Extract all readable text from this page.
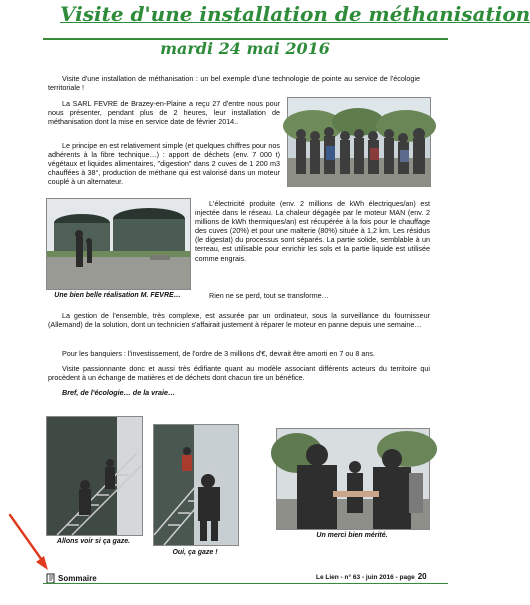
Visite d'une installation de méthanisation
mardi 24 mai 2016
Visite d'une installation de méthanisation : un bel exemple d'une technologie de pointe au service de l'écologie territoriale !
La SARL FEVRE de Brazey-en-Plaine a reçu 27 d'entre nous pour nous présenter, pendant plus de 2 heures, leur installation de méthanisation dont la mise en service date de février 2014..
Le principe en est relativement simple (et quelques chiffres pour nos adhérents à la fibre technique…) : apport de déchets (env. 7 000 t) végétaux et liquides alimentaires, "digestion" dans 2 cuves de 1 200 m3 chauffées à 38°, production de méthane qui est valorisé dans un moteur couplé à un alternateur.
Une bien belle réalisation M. FEVRE…
L'électricité produite (env. 2 millions de kWh électriques/an) est injectée dans le réseau. La chaleur dégagée par le moteur MAN (env. 2 millions de kWh thermiques/an) est récupérée à la fois pour le chauffage des cuves (20%) et pour une malterie (80%) située à 1,2 km. Les résidus (le digestat) du processus sont séparés. La partie solide, semblable à un terreau, est utilisable pour enrichir les sols et la partie liquide est utilisée comme engrais.
Rien ne se perd, tout se transforme…
La gestion de l'ensemble, très complexe, est assurée par un ordinateur, sous la surveillance du fournisseur (Allemand) de la solution, dont un technicien s'affairait justement à réparer le moteur en panne depuis une semaine…
Pour les banquiers : l'investissement, de l'ordre de 3 millions d'€, devrait être amorti en 7 ou 8 ans.
Visite passionnante donc et aussi très édifiante quant au modèle associant différents acteurs du territoire qui procèdent à un échange de matières et de déchets dont chacun tire un bénéfice.
Bref, de l'écologie… de la vraie…
Allons voir si ça gaze.
Oui, ça gaze !
Un merci bien mérité.
Sommaire	Le Lien - n° 63 - juin 2016 - page 20
